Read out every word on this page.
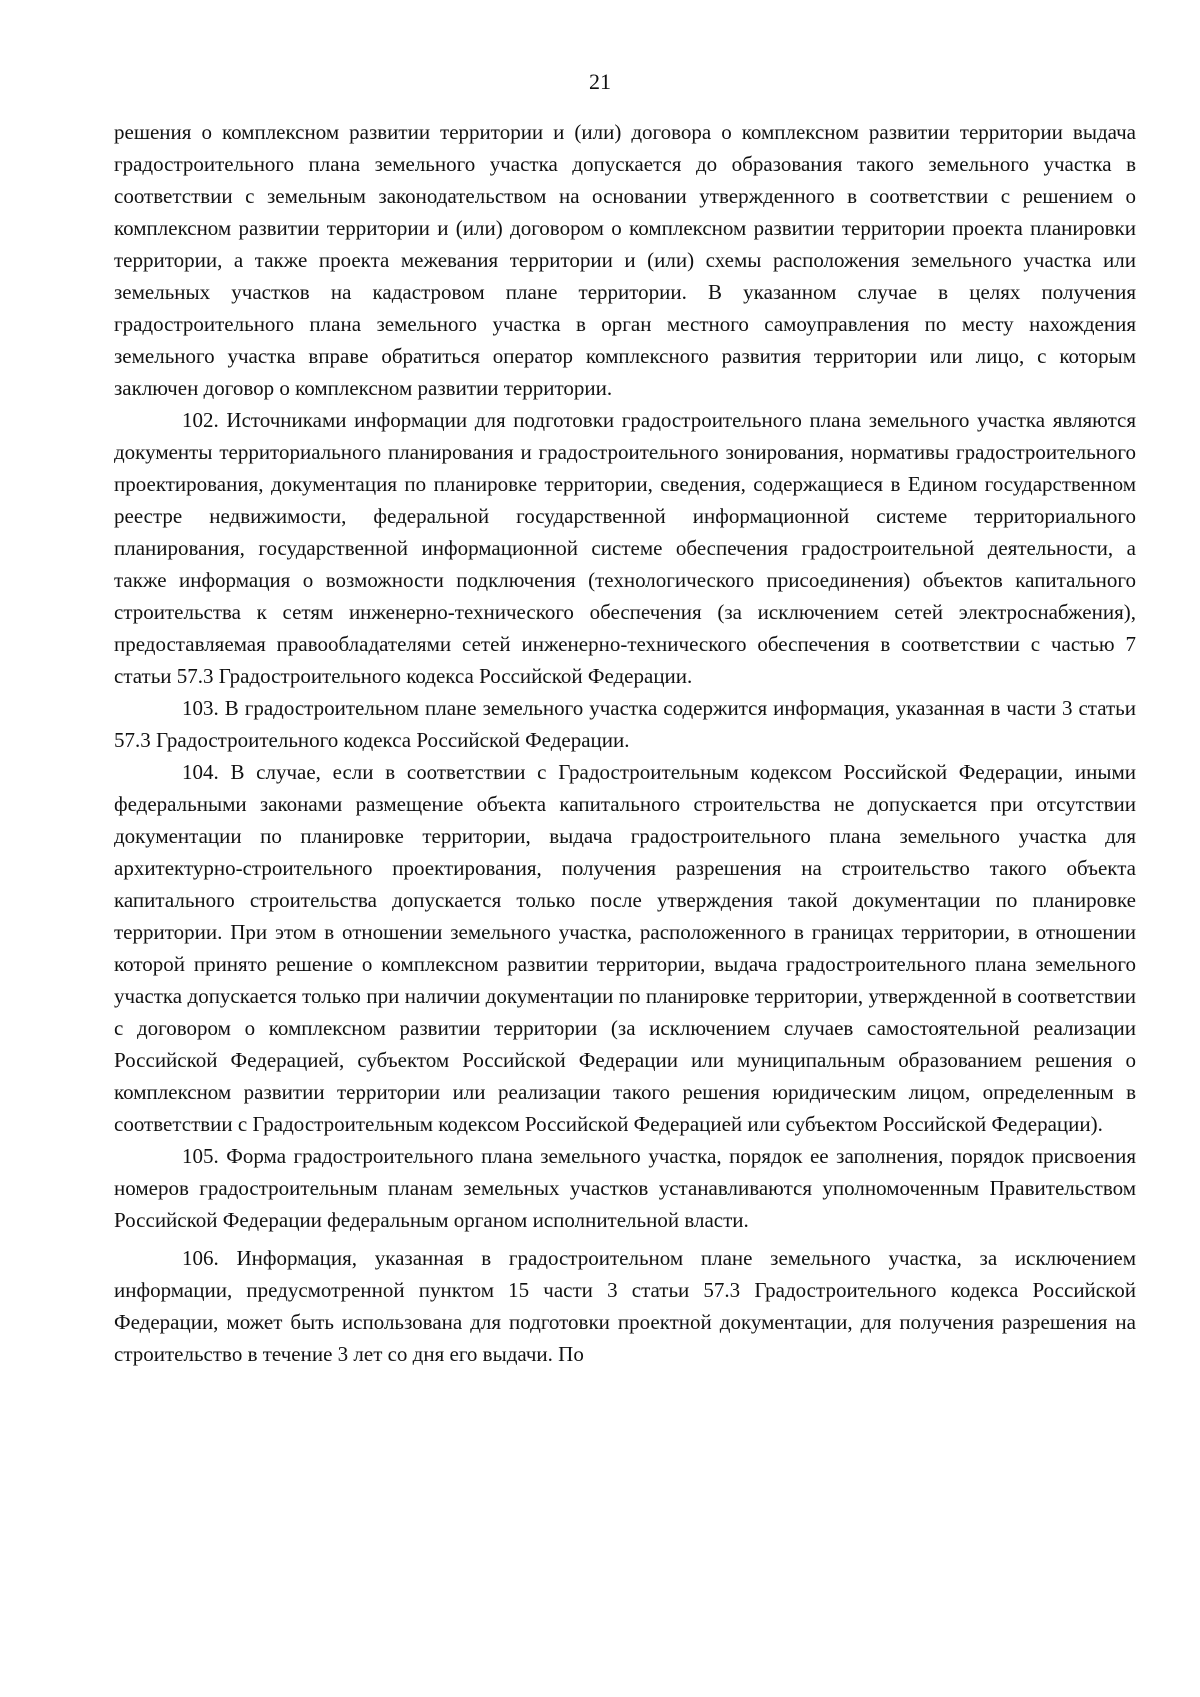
21

решения о комплексном развитии территории и (или) договора о комплексном развитии территории выдача градостроительного плана земельного участка допускается до образования такого земельного участка в соответствии с земельным законодательством на основании утвержденного в соответствии с решением о комплексном развитии территории и (или) договором о комплексном развитии территории проекта планировки территории, а также проекта межевания территории и (или) схемы расположения земельного участка или земельных участков на кадастровом плане территории. В указанном случае в целях получения градостроительного плана земельного участка в орган местного самоуправления по месту нахождения земельного участка вправе обратиться оператор комплексного развития территории или лицо, с которым заключен договор о комплексном развитии территории.

102. Источниками информации для подготовки градостроительного плана земельного участка являются документы территориального планирования и градостроительного зонирования, нормативы градостроительного проектирования, документация по планировке территории, сведения, содержащиеся в Едином государственном реестре недвижимости, федеральной государственной информационной системе территориального планирования, государственной информационной системе обеспечения градостроительной деятельности, а также информация о возможности подключения (технологического присоединения) объектов капитального строительства к сетям инженерно-технического обеспечения (за исключением сетей электроснабжения), предоставляемая правообладателями сетей инженерно-технического обеспечения в соответствии с частью 7 статьи 57.3 Градостроительного кодекса Российской Федерации.

103. В градостроительном плане земельного участка содержится информация, указанная в части 3 статьи 57.3 Градостроительного кодекса Российской Федерации.

104. В случае, если в соответствии с Градостроительным кодексом Российской Федерации, иными федеральными законами размещение объекта капитального строительства не допускается при отсутствии документации по планировке территории, выдача градостроительного плана земельного участка для архитектурно-строительного проектирования, получения разрешения на строительство такого объекта капитального строительства допускается только после утверждения такой документации по планировке территории. При этом в отношении земельного участка, расположенного в границах территории, в отношении которой принято решение о комплексном развитии территории, выдача градостроительного плана земельного участка допускается только при наличии документации по планировке территории, утвержденной в соответствии с договором о комплексном развитии территории (за исключением случаев самостоятельной реализации Российской Федерацией, субъектом Российской Федерации или муниципальным образованием решения о комплексном развитии территории или реализации такого решения юридическим лицом, определенным в соответствии с Градостроительным кодексом Российской Федерацией или субъектом Российской Федерации).

105. Форма градостроительного плана земельного участка, порядок ее заполнения, порядок присвоения номеров градостроительным планам земельных участков устанавливаются уполномоченным Правительством Российской Федерации федеральным органом исполнительной власти.

106. Информация, указанная в градостроительном плане земельного участка, за исключением информации, предусмотренной пунктом 15 части 3 статьи 57.3 Градостроительного кодекса Российской Федерации, может быть использована для подготовки проектной документации, для получения разрешения на строительство в течение 3 лет со дня его выдачи. По
